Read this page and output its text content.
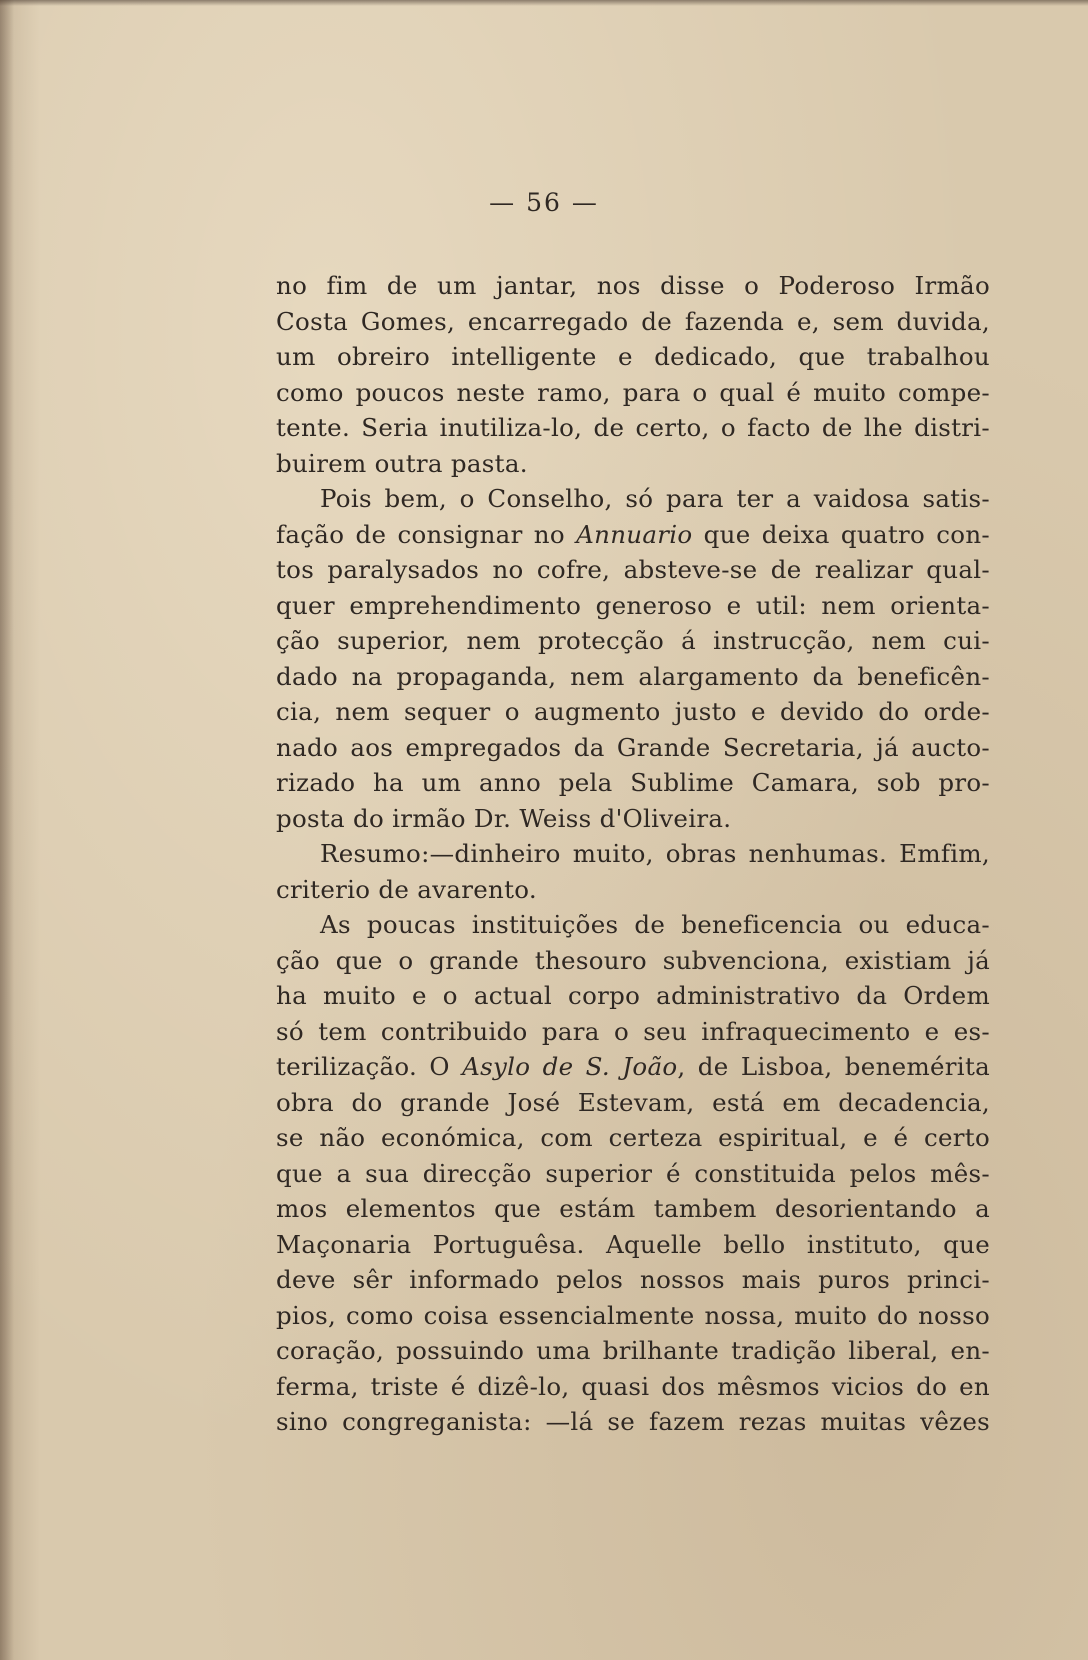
— 56 —
no fim de um jantar, nos disse o Poderoso Irmão
Costa Gomes, encarregado de fazenda e, sem duvida,
um obreiro intelligente e dedicado, que trabalhou
como poucos neste ramo, para o qual é muito compe-
tente. Seria inutiliza-lo, de certo, o facto de lhe distri-
buirem outra pasta.
Pois bem, o Conselho, só para ter a vaidosa satis-
fação de consignar no Annuario que deixa quatro con-
tos paralysados no cofre, absteve-se de realizar qual-
quer emprehendimento generoso e util: nem orienta-
ção superior, nem protecção á instrucção, nem cui-
dado na propaganda, nem alargamento da beneficên-
cia, nem sequer o augmento justo e devido do orde-
nado aos empregados da Grande Secretaria, já aucto-
rizado ha um anno pela Sublime Camara, sob pro-
posta do irmão Dr. Weiss d'Oliveira.
Resumo:—dinheiro muito, obras nenhumas. Emfim,
criterio de avarento.
As poucas instituições de beneficencia ou educa-
ção que o grande thesouro subvenciona, existiam já
ha muito e o actual corpo administrativo da Ordem
só tem contribuido para o seu infraquecimento e es-
terilização. O Asylo de S. João, de Lisboa, benemérita
obra do grande José Estevam, está em decadencia,
se não económica, com certeza espiritual, e é certo
que a sua direcção superior é constituida pelos mês-
mos elementos que estám tambem desorientando a
Maçonaria Portuguêsa. Aquelle bello instituto, que
deve sêr informado pelos nossos mais puros princi-
pios, como coisa essencialmente nossa, muito do nosso
coração, possuindo uma brilhante tradição liberal, en-
ferma, triste é dizê-lo, quasi dos mêsmos vicios do en
sino congreganista: —lá se fazem rezas muitas vêzes
